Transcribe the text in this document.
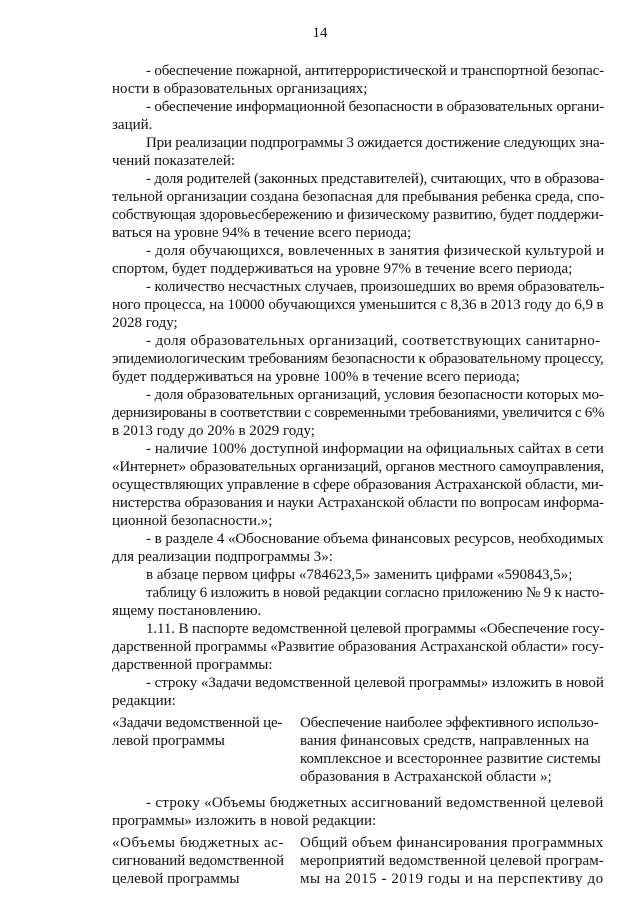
14
- обеспечение пожарной, антитеррористической и транспортной безопас-
ности в образовательных организациях;
- обеспечение информационной безопасности в образовательных органи-
заций.
При реализации подпрограммы 3 ожидается достижение следующих зна-
чений показателей:
- доля родителей (законных представителей), считающих, что в образова-
тельной организации создана безопасная для пребывания ребенка среда, спо-
собствующая здоровьесбережению и физическому развитию, будет поддержи-
ваться на уровне 94% в течение всего периода;
- доля обучающихся, вовлеченных в занятия физической культурой и
спортом, будет поддерживаться на уровне 97% в течение всего периода;
- количество несчастных случаев, произошедших во время образователь-
ного процесса, на 10000 обучающихся уменьшится с 8,36 в 2013 году до 6,9 в
2028 году;
- доля образовательных организаций, соответствующих санитарно-
эпидемиологическим требованиям безопасности к образовательному процессу,
будет поддерживаться на уровне 100% в течение всего периода;
- доля образовательных организаций, условия безопасности которых мо-
дернизированы в соответствии с современными требованиями, увеличится с 6%
в 2013 году до 20% в 2029 году;
- наличие 100% доступной информации на официальных сайтах в сети
«Интернет» образовательных организаций, органов местного самоуправления,
осуществляющих управление в сфере образования Астраханской области, ми-
нистерства образования и науки Астраханской области по вопросам информа-
ционной безопасности.»;
- в разделе 4 «Обоснование объема финансовых ресурсов, необходимых
для реализации подпрограммы 3»:
в абзаце первом цифры «784623,5» заменить цифрами «590843,5»;
таблицу 6 изложить в новой редакции согласно приложению № 9 к насто-
ящему постановлению.
1.11. В паспорте ведомственной целевой программы «Обеспечение госу-
дарственной программы «Развитие образования Астраханской области» госу-
дарственной программы:
- строку «Задачи ведомственной целевой программы» изложить в новой
редакции:
«Задачи ведомственной це-
левой программы
Обеспечение наиболее эффективного использо-
вания финансовых средств, направленных на
комплексное и всестороннее развитие системы
образования в Астраханской области »;
- строку «Объемы бюджетных ассигнований ведомственной целевой
программы» изложить в новой редакции:
«Объемы бюджетных ас-
сигнований ведомственной
целевой программы
Общий объем финансирования программных
мероприятий ведомственной целевой програм-
мы на 2015 - 2019 годы и на перспективу до
